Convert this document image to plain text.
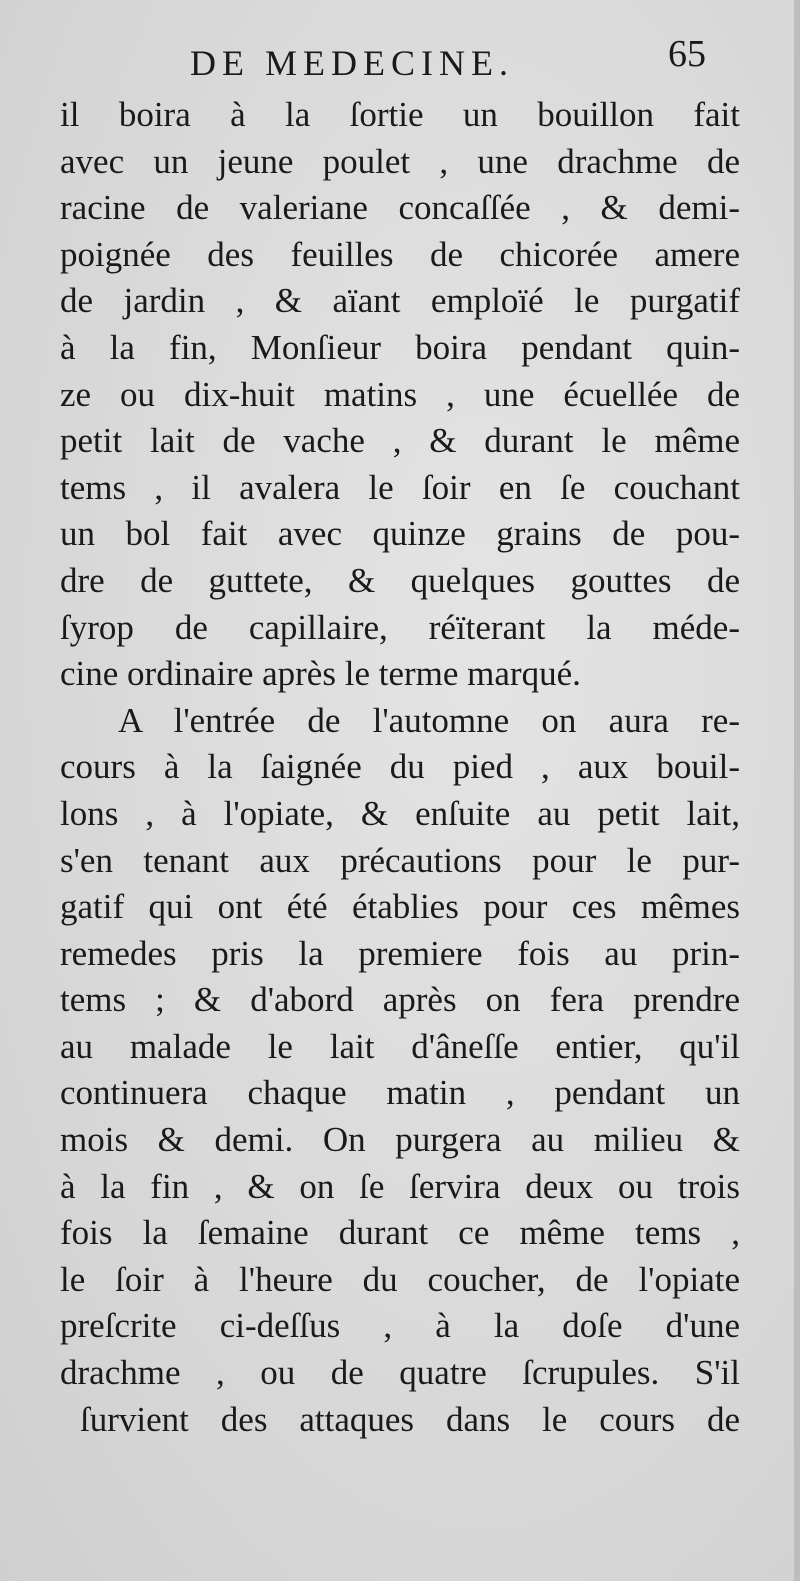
DE MEDECINE.	65
il boira à la ſortie un bouillon fait
avec un jeune poulet , une drachme de
racine de valeriane concaſſée , & demi-
poignée des feuilles de chicorée amere
de jardin , & aïant emploïé le purgatif
à la fin, Monſieur boira pendant quin-
ze ou dix-huit matins , une écuellée de
petit lait de vache , & durant le même
tems , il avalera le ſoir en ſe couchant
un bol fait avec quinze grains de pou-
dre de guttete, & quelques gouttes de
ſyrop de capillaire, réïterant la méde-
cine ordinaire après le terme marqué.
A l'entrée de l'automne on aura re-
cours à la ſaignée du pied , aux bouil-
lons , à l'opiate, & enſuite au petit lait,
s'en tenant aux précautions pour le pur-
gatif qui ont été établies pour ces mêmes
remedes pris la premiere fois au prin-
tems ; & d'abord après on fera prendre
au malade le lait d'âneſſe entier, qu'il
continuera chaque matin , pendant un
mois & demi. On purgera au milieu &
à la fin , & on ſe ſervira deux ou trois
fois la ſemaine durant ce même tems ,
le ſoir à l'heure du coucher, de l'opiate
preſcrite ci-deſſus , à la doſe d'une
drachme , ou de quatre ſcrupules. S'il
ſurvient des attaques dans le cours de
